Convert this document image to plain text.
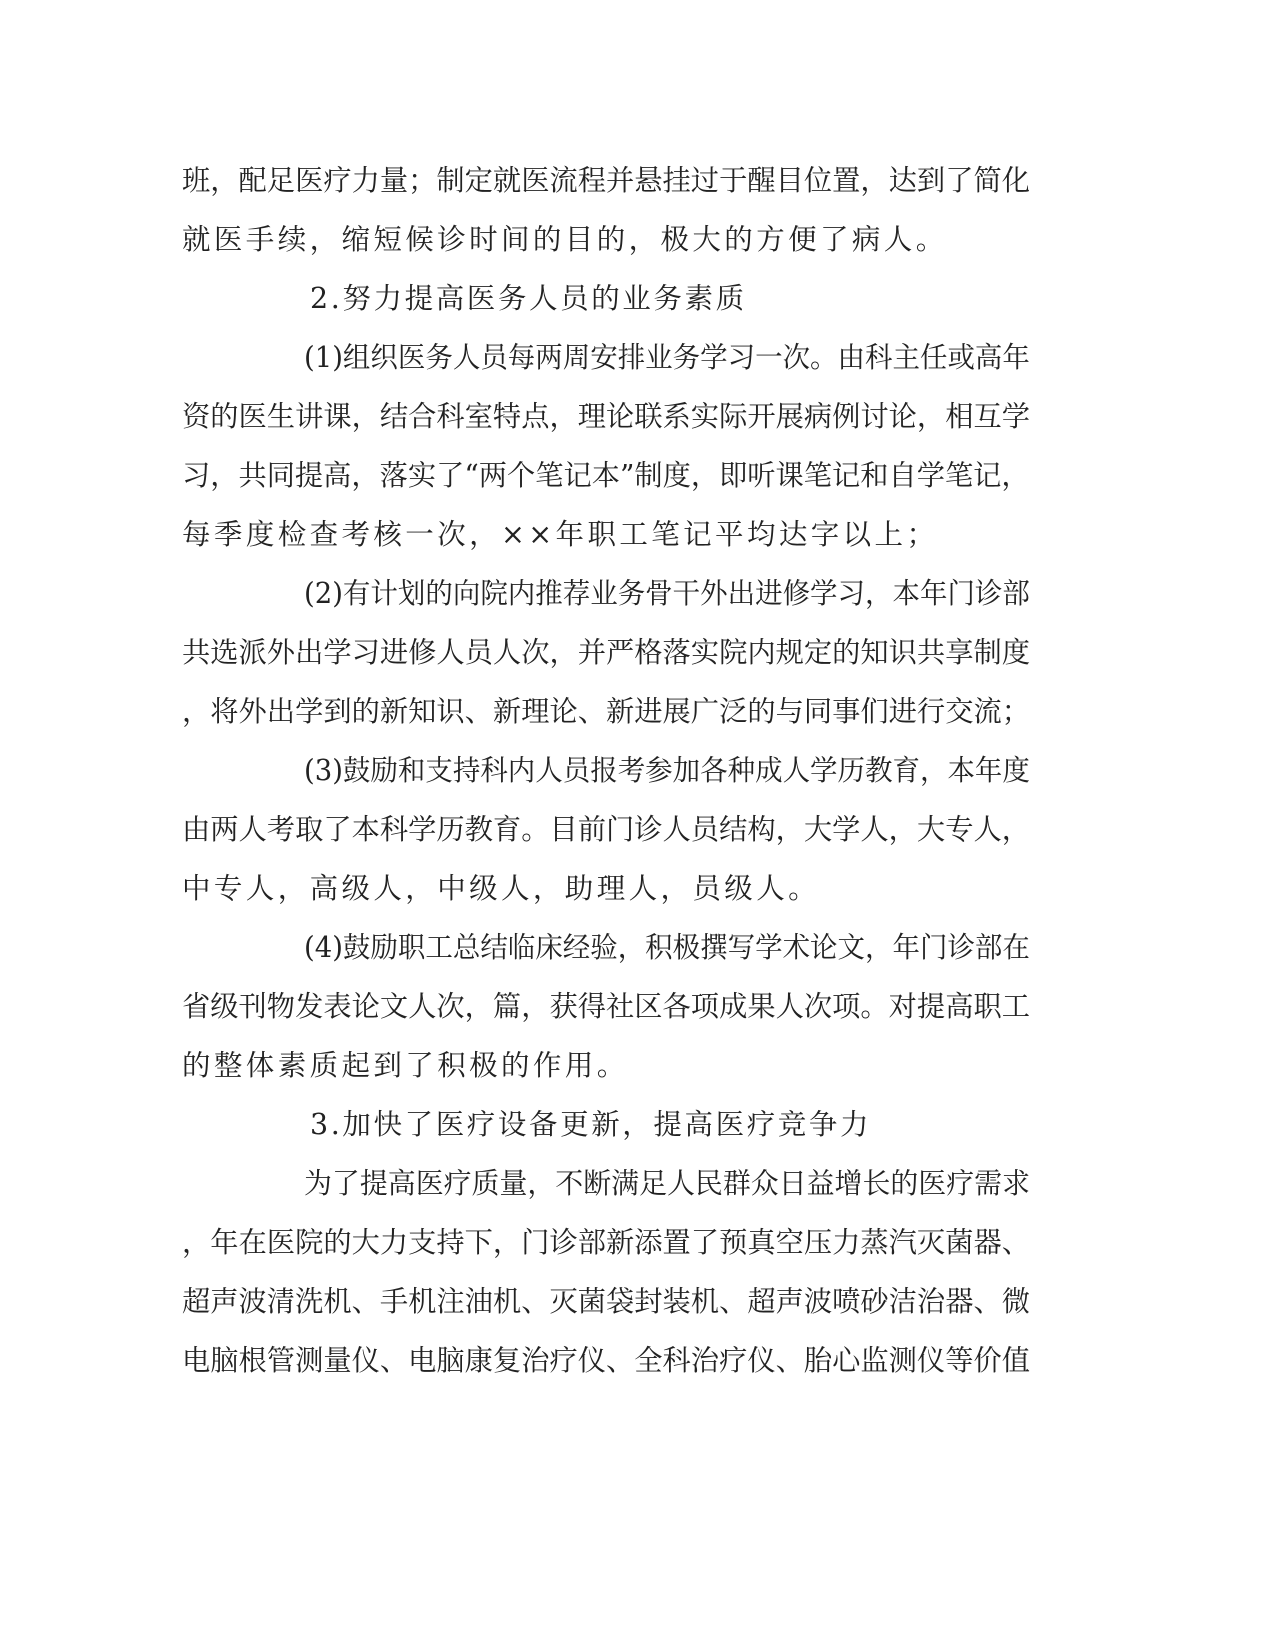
班，配足医疗力量；制定就医流程并悬挂过于醒目位置，达到了简化
就医手续，缩短候诊时间的目的，极大的方便了病人。
2.努力提高医务人员的业务素质
(1)组织医务人员每两周安排业务学习一次。由科主任或高年
资的医生讲课，结合科室特点，理论联系实际开展病例讨论，相互学
习，共同提高，落实了“两个笔记本”制度，即听课笔记和自学笔记，
每季度检查考核一次，××年职工笔记平均达字以上；
(2)有计划的向院内推荐业务骨干外出进修学习，本年门诊部
共选派外出学习进修人员人次，并严格落实院内规定的知识共享制度
，将外出学到的新知识、新理论、新进展广泛的与同事们进行交流；
(3)鼓励和支持科内人员报考参加各种成人学历教育，本年度
由两人考取了本科学历教育。目前门诊人员结构，大学人，大专人，
中专人，高级人，中级人，助理人，员级人。
(4)鼓励职工总结临床经验，积极撰写学术论文，年门诊部在
省级刊物发表论文人次，篇，获得社区各项成果人次项。对提高职工
的整体素质起到了积极的作用。
3.加快了医疗设备更新，提高医疗竞争力
为了提高医疗质量，不断满足人民群众日益增长的医疗需求
，年在医院的大力支持下，门诊部新添置了预真空压力蒸汽灭菌器、
超声波清洗机、手机注油机、灭菌袋封装机、超声波喷砂洁治器、微
电脑根管测量仪、电脑康复治疗仪、全科治疗仪、胎心监测仪等价值
